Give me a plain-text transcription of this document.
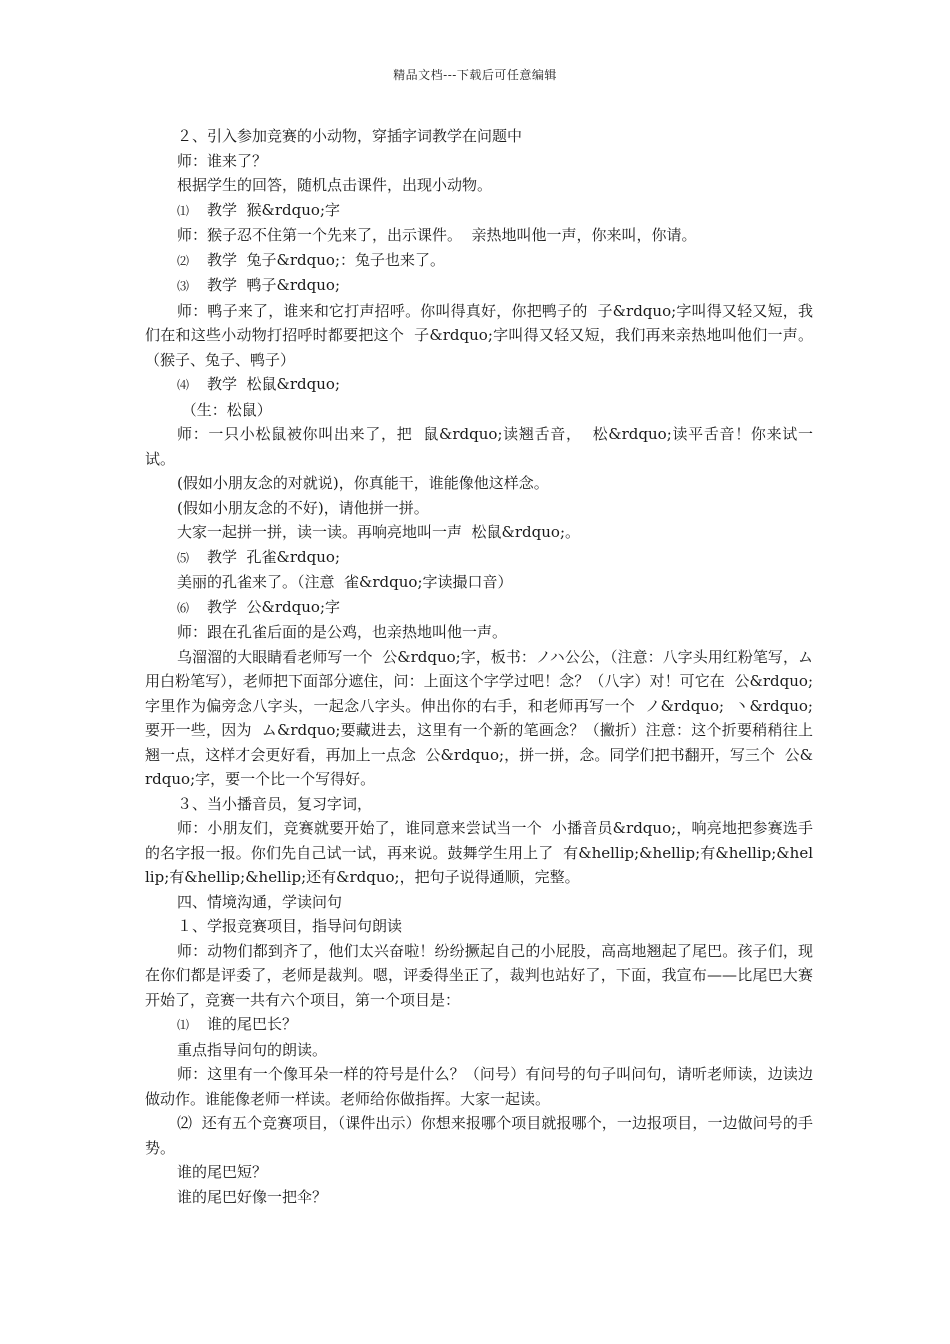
精品文档---下载后可任意编辑
２、引入参加竞赛的小动物，穿插字词教学在问题中
师：谁来了？
根据学生的回答，随机点击课件，出现小动物。
⑴ 教学  猴&rdquo;字
师：猴子忍不住第一个先来了，出示课件。  亲热地叫他一声，你来叫，你请。
⑵ 教学  兔子&rdquo;：兔子也来了。
⑶ 教学  鸭子&rdquo;
师：鸭子来了，谁来和它打声招呼。你叫得真好，你把鸭子的  子&rdquo;字叫得又轻又短，我们在和这些小动物打招呼时都要把这个  子&rdquo;字叫得又轻又短，我们再来亲热地叫他们一声。（猴子、兔子、鸭子）
⑷ 教学  松鼠&rdquo;
（生：松鼠）
师：一只小松鼠被你叫出来了，把  鼠&rdquo;读翘舌音，  松&rdquo;读平舌音！你来试一试。
(假如小朋友念的对就说)，你真能干，谁能像他这样念。
(假如小朋友念的不好)，请他拼一拼。
大家一起拼一拼，读一读。再响亮地叫一声  松鼠&rdquo;。
⑸ 教学  孔雀&rdquo;
美丽的孔雀来了。（注意  雀&rdquo;字读撮口音）
⑹ 教学  公&rdquo;字
师：跟在孔雀后面的是公鸡，也亲热地叫他一声。
乌溜溜的大眼睛看老师写一个  公&rdquo;字，板书：ノハ公公，（注意：八字头用红粉笔写，ム用白粉笔写），老师把下面部分遮住，问：上面这个字学过吧！念？（八字）对！可它在  公&rdquo;字里作为偏旁念八字头，一起念八字头。伸出你的右手，和老师再写一个  ノ&rdquo;  丶&rdquo;要开一些，因为  ム&rdquo;要藏进去，这里有一个新的笔画念？（撇折）注意：这个折要稍稍往上翘一点，这样才会更好看，再加上一点念  公&rdquo;，拼一拼，念。同学们把书翻开，写三个  公&rdquo;字，要一个比一个写得好。
３、当小播音员，复习字词，
师：小朋友们，竞赛就要开始了，谁同意来尝试当一个  小播音员&rdquo;，响亮地把参赛选手的名字报一报。你们先自己试一试，再来说。鼓舞学生用上了  有&hellip;&hellip;有&hellip;&hellip;有&hellip;&hellip;还有&rdquo;，把句子说得通顺，完整。
四、情境沟通，学读问句
１、学报竞赛项目，指导问句朗读
师：动物们都到齐了，他们太兴奋啦！纷纷撅起自己的小屁股，高高地翘起了尾巴。孩子们，现在你们都是评委了，老师是裁判。嗯，评委得坐正了，裁判也站好了，下面，我宣布——比尾巴大赛开始了，竞赛一共有六个项目，第一个项目是：
⑴ 谁的尾巴长？
重点指导问句的朗读。
师：这里有一个像耳朵一样的符号是什么？（问号）有问号的句子叫问句，请听老师读，边读边做动作。谁能像老师一样读。老师给你做指挥。大家一起读。
⑵  还有五个竞赛项目，（课件出示）你想来报哪个项目就报哪个，一边报项目，一边做问号的手势。
谁的尾巴短？
谁的尾巴好像一把伞？
